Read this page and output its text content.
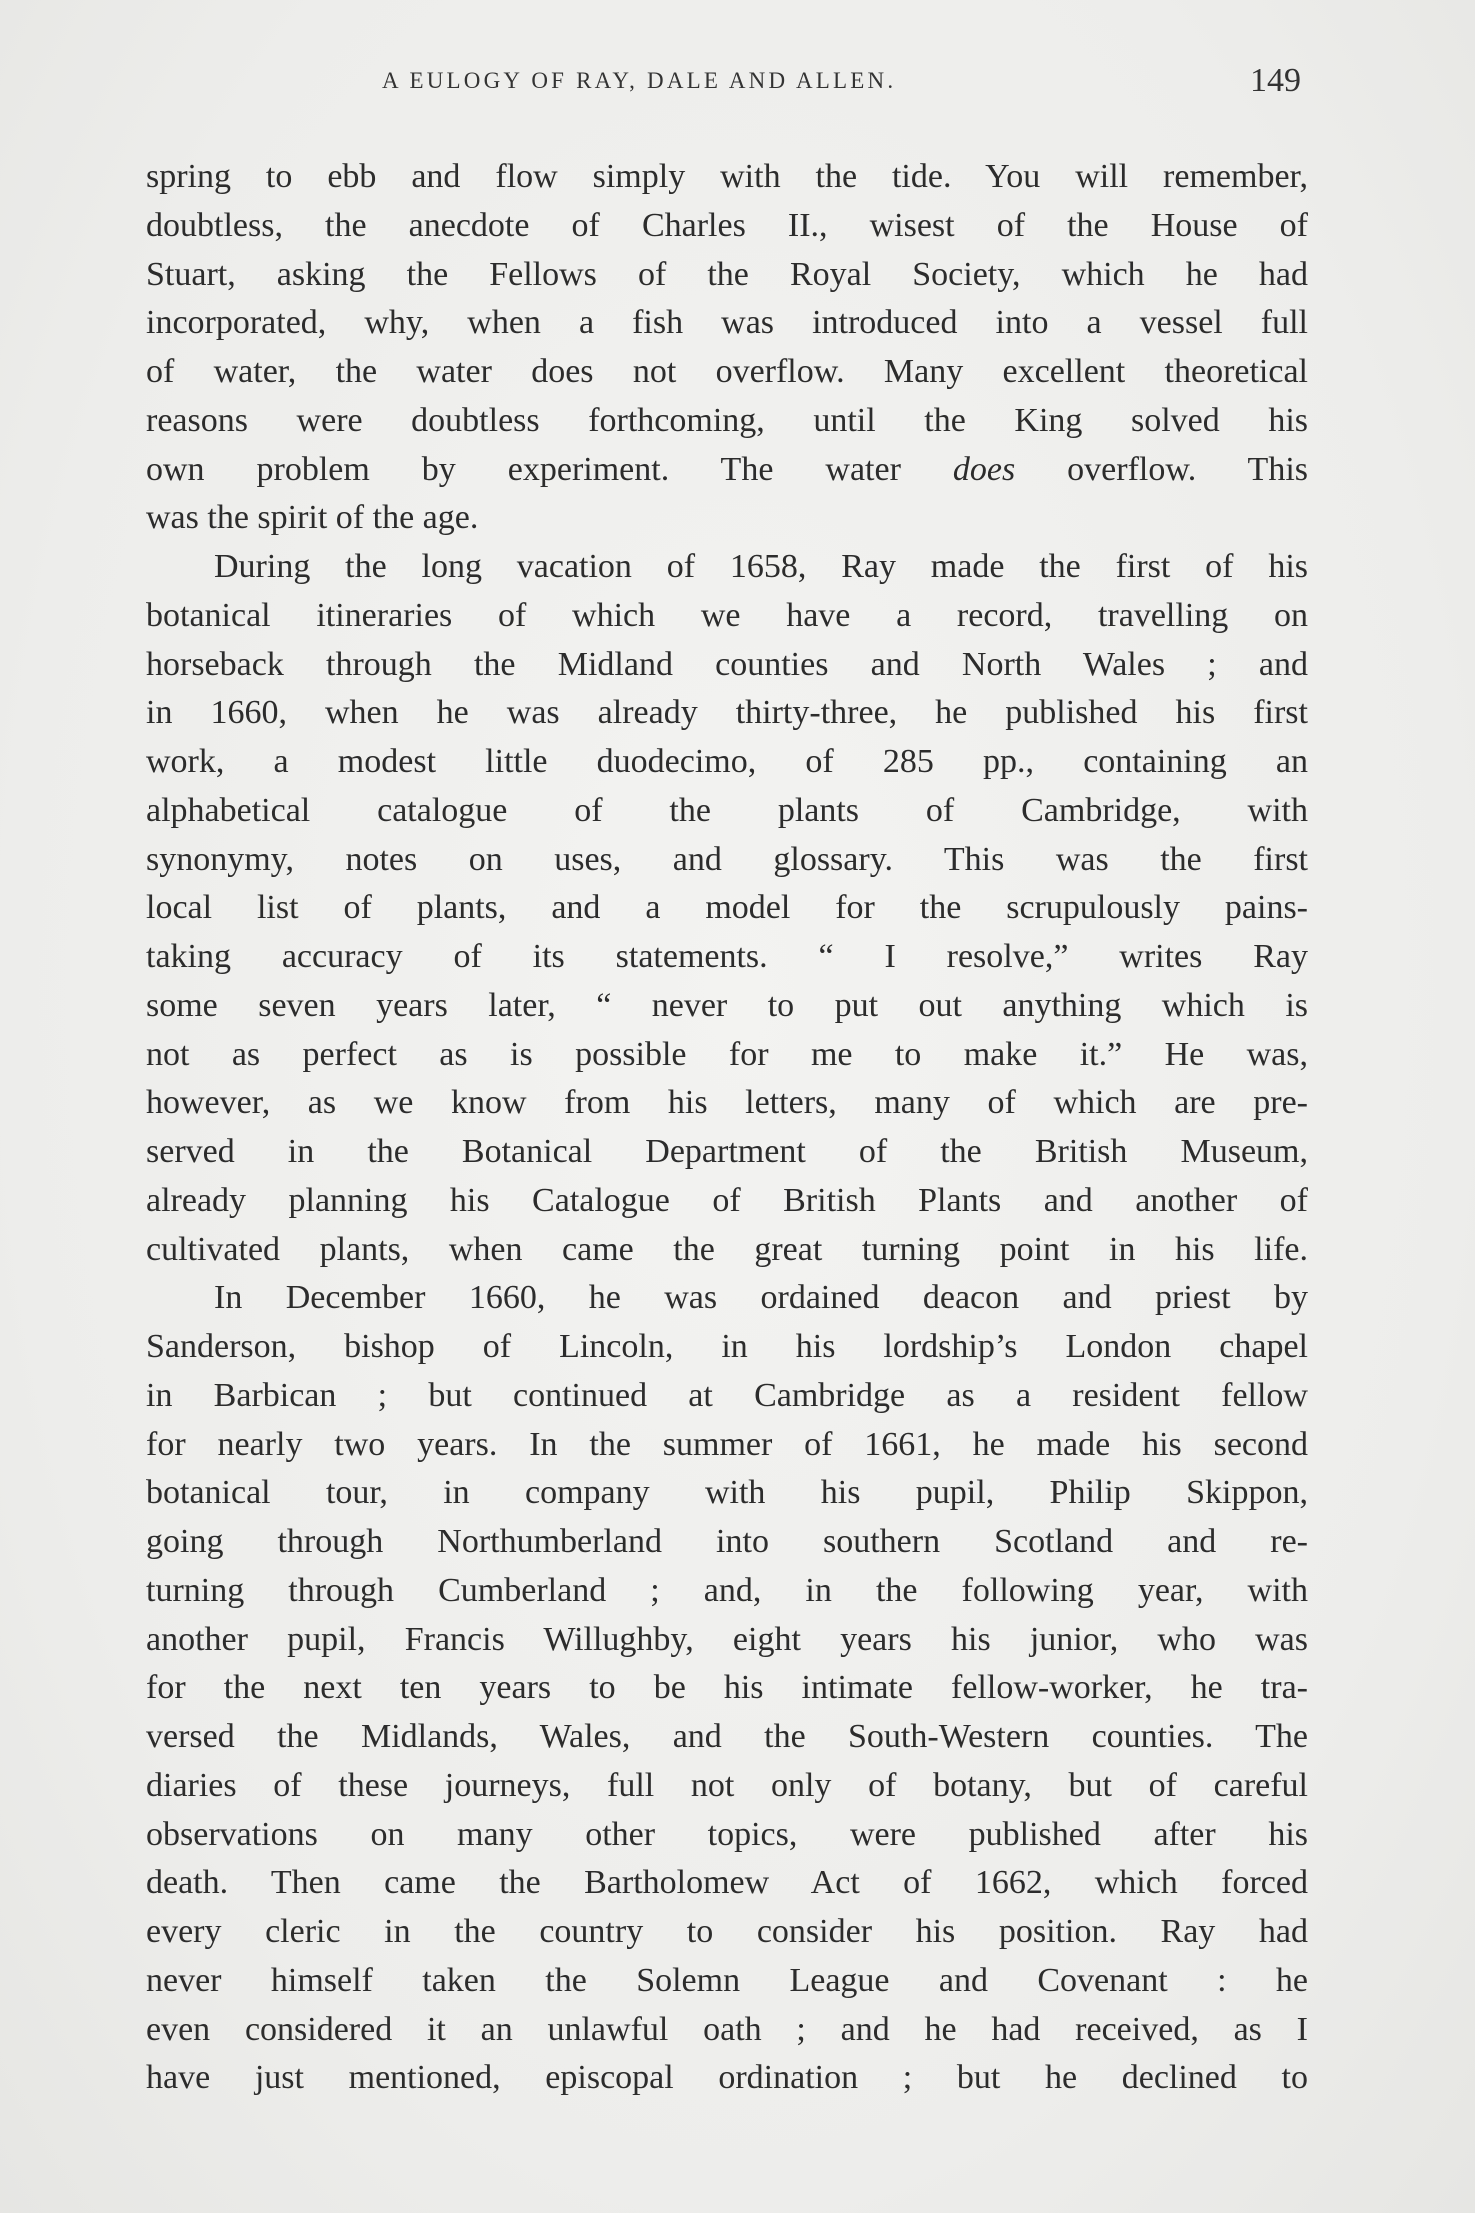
A EULOGY OF RAY, DALE AND ALLEN.	149
spring to ebb and flow simply with the tide. You will remember,
doubtless, the anecdote of Charles II., wisest of the House of
Stuart, asking the Fellows of the Royal Society, which he had
incorporated, why, when a fish was introduced into a vessel full
of water, the water does not overflow. Many excellent theoretical
reasons were doubtless forthcoming, until the King solved his
own problem by experiment. The water does overflow. This
was the spirit of the age.
During the long vacation of 1658, Ray made the first of his
botanical itineraries of which we have a record, travelling on
horseback through the Midland counties and North Wales ; and
in 1660, when he was already thirty-three, he published his first
work, a modest little duodecimo, of 285 pp., containing an
alphabetical catalogue of the plants of Cambridge, with
synonymy, notes on uses, and glossary. This was the first
local list of plants, and a model for the scrupulously pains-
taking accuracy of its statements. “ I resolve,” writes Ray
some seven years later, “ never to put out anything which is
not as perfect as is possible for me to make it.” He was,
however, as we know from his letters, many of which are pre-
served in the Botanical Department of the British Museum,
already planning his Catalogue of British Plants and another of
cultivated plants, when came the great turning point in his life.
In December 1660, he was ordained deacon and priest by
Sanderson, bishop of Lincoln, in his lordship’s London chapel
in Barbican ; but continued at Cambridge as a resident fellow
for nearly two years. In the summer of 1661, he made his second
botanical tour, in company with his pupil, Philip Skippon,
going through Northumberland into southern Scotland and re-
turning through Cumberland ; and, in the following year, with
another pupil, Francis Willughby, eight years his junior, who was
for the next ten years to be his intimate fellow-worker, he tra-
versed the Midlands, Wales, and the South-Western counties. The
diaries of these journeys, full not only of botany, but of careful
observations on many other topics, were published after his
death. Then came the Bartholomew Act of 1662, which forced
every cleric in the country to consider his position. Ray had
never himself taken the Solemn League and Covenant : he
even considered it an unlawful oath ; and he had received, as I
have just mentioned, episcopal ordination ; but he declined to
